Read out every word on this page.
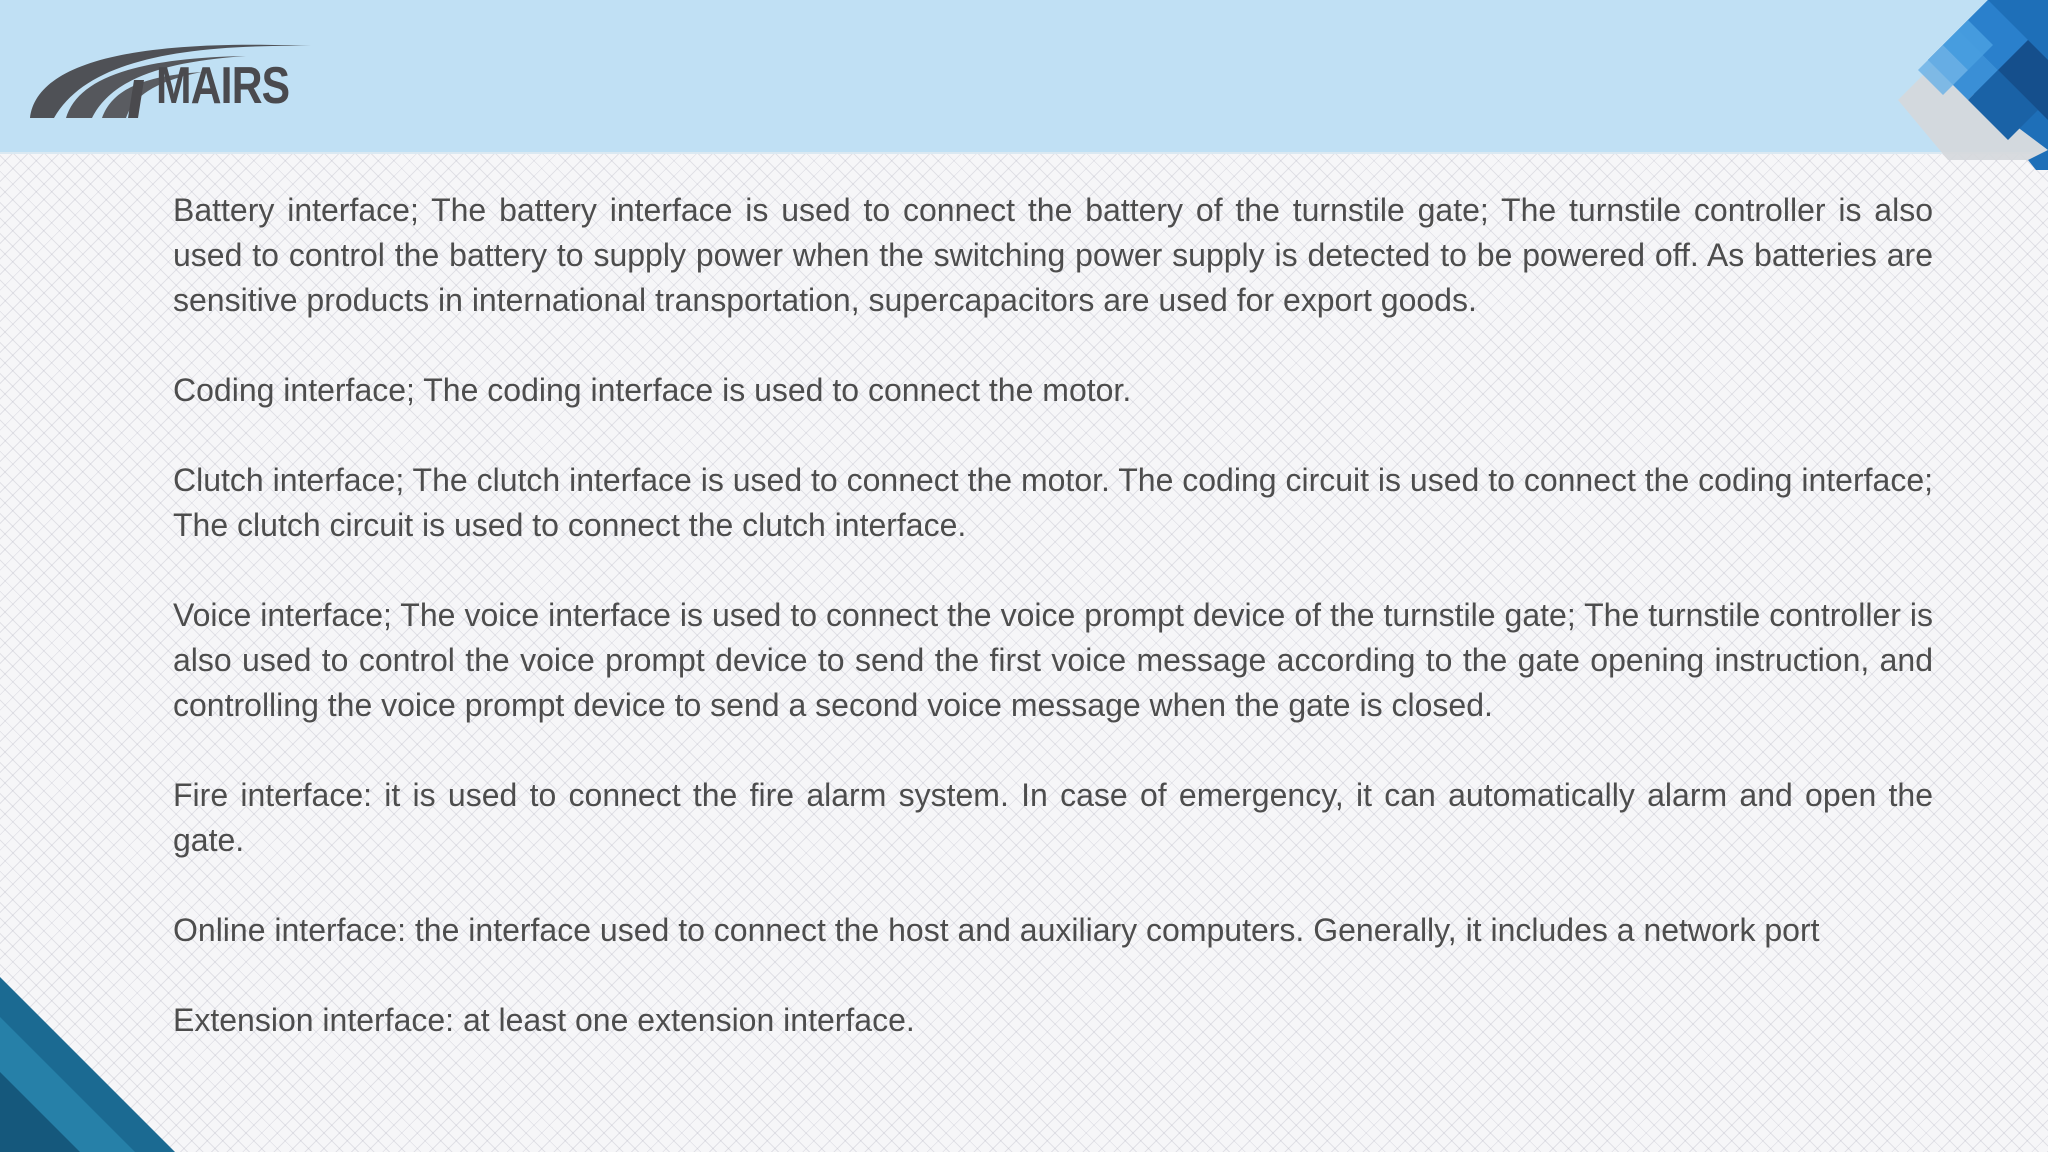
MAIRS

Battery interface; The battery interface is used to connect the battery of the turnstile gate; The turnstile controller is also used to control the battery to supply power when the switching power supply is detected to be powered off. As batteries are sensitive products in international transportation, supercapacitors are used for export goods.

Coding interface; The coding interface is used to connect the motor.

Clutch interface; The clutch interface is used to connect the motor. The coding circuit is used to connect the coding interface; The clutch circuit is used to connect the clutch interface.

Voice interface; The voice interface is used to connect the voice prompt device of the turnstile gate; The turnstile controller is also used to control the voice prompt device to send the first voice message according to the gate opening instruction, and controlling the voice prompt device to send a second voice message when the gate is closed.

Fire interface: it is used to connect the fire alarm system. In case of emergency, it can automatically alarm and open the gate.

Online interface: the interface used to connect the host and auxiliary computers. Generally, it includes a network port

Extension interface: at least one extension interface.
